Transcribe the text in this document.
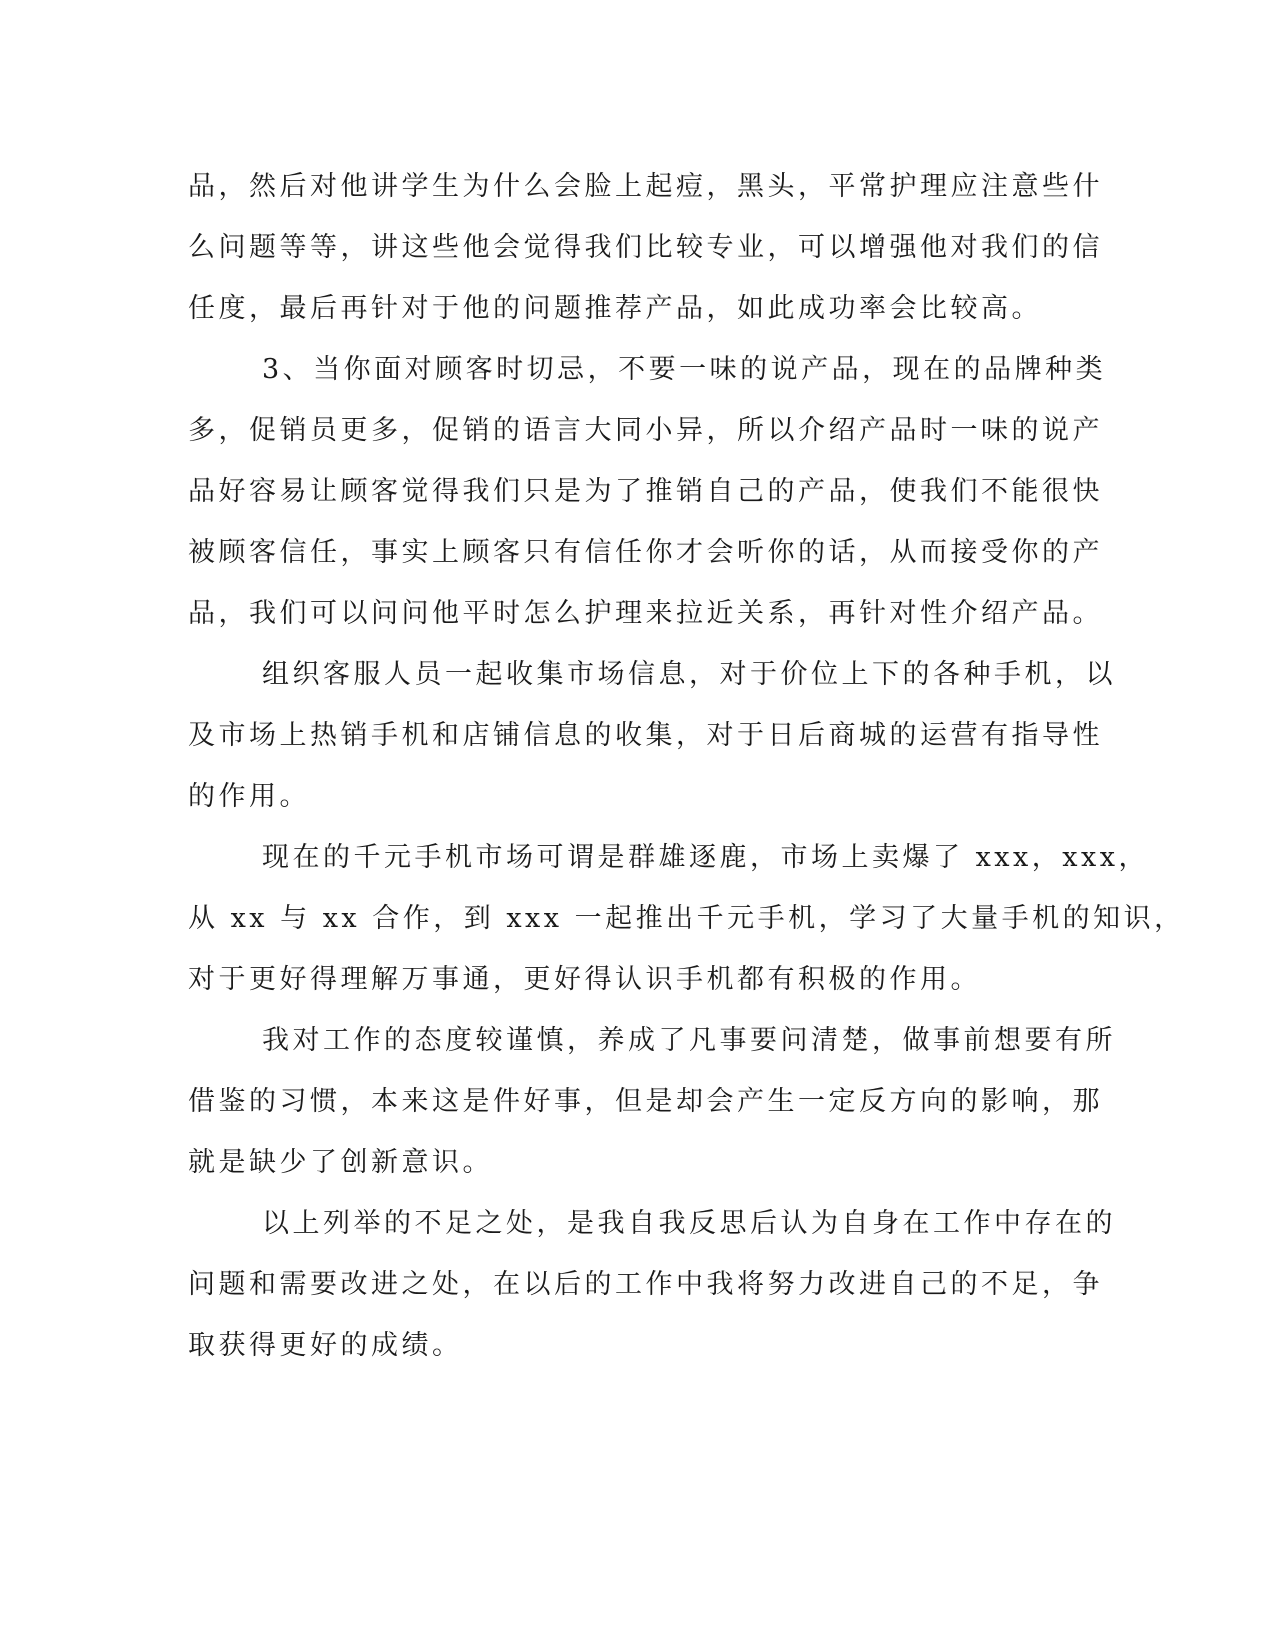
品，然后对他讲学生为什么会脸上起痘，黑头，平常护理应注意些什
么问题等等，讲这些他会觉得我们比较专业，可以增强他对我们的信
任度，最后再针对于他的问题推荐产品，如此成功率会比较高。

3、当你面对顾客时切忌，不要一味的说产品，现在的品牌种类
多，促销员更多，促销的语言大同小异，所以介绍产品时一味的说产
品好容易让顾客觉得我们只是为了推销自己的产品，使我们不能很快
被顾客信任，事实上顾客只有信任你才会听你的话，从而接受你的产
品，我们可以问问他平时怎么护理来拉近关系，再针对性介绍产品。

组织客服人员一起收集市场信息，对于价位上下的各种手机，以
及市场上热销手机和店铺信息的收集，对于日后商城的运营有指导性
的作用。

现在的千元手机市场可谓是群雄逐鹿，市场上卖爆了 xxx，xxx，
从 xx 与 xx 合作，到 xxx 一起推出千元手机，学习了大量手机的知识，
对于更好得理解万事通，更好得认识手机都有积极的作用。

我对工作的态度较谨慎，养成了凡事要问清楚，做事前想要有所
借鉴的习惯，本来这是件好事，但是却会产生一定反方向的影响，那
就是缺少了创新意识。

以上列举的不足之处，是我自我反思后认为自身在工作中存在的
问题和需要改进之处，在以后的工作中我将努力改进自己的不足，争
取获得更好的成绩。
